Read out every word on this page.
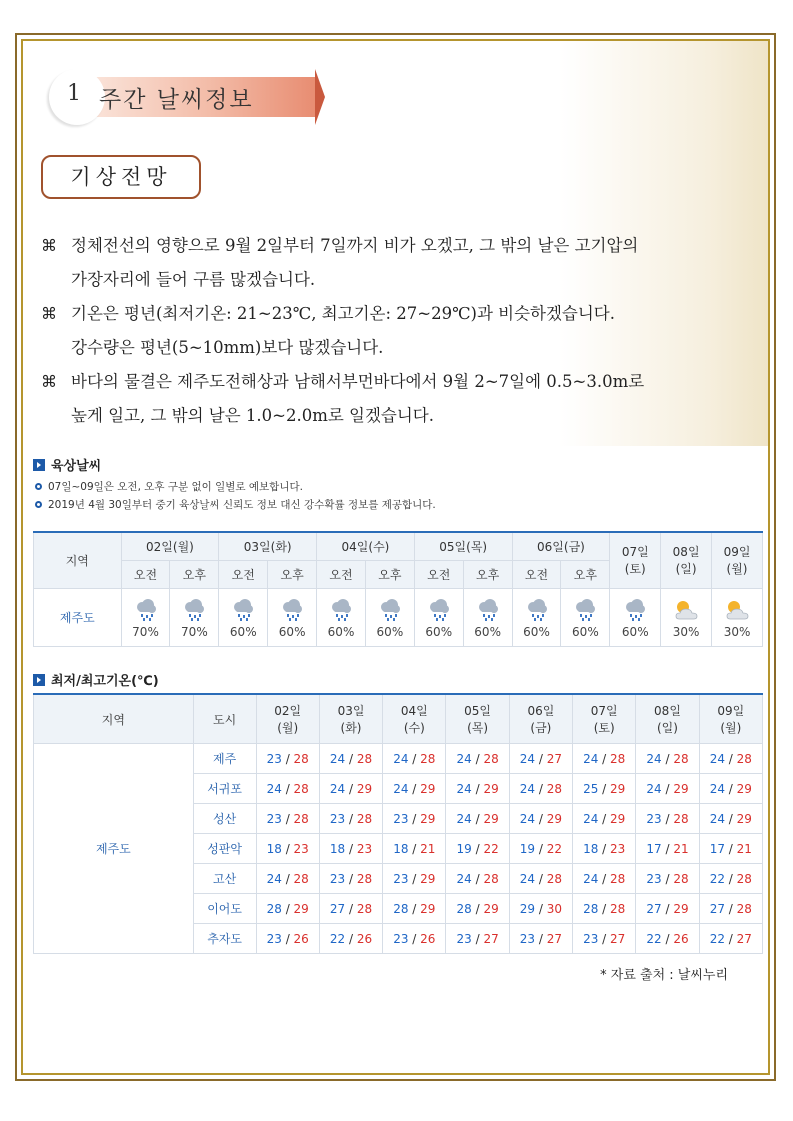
1 주간 날씨정보
기상전망
⌘ 정체전선의 영향으로 9월 2일부터 7일까지 비가 오겠고, 그 밖의 날은 고기압의
가장자리에 들어 구름 많겠습니다.
⌘ 기온은 평년(최저기온: 21~23℃, 최고기온: 27~29℃)과 비슷하겠습니다.
강수량은 평년(5~10mm)보다 많겠습니다.
⌘ 바다의 물결은 제주도전해상과 남해서부먼바다에서 9월 2~7일에 0.5~3.0m로
높게 일고, 그 밖의 날은 1.0~2.0m로 일겠습니다.
육상날씨
07일~09일은 오전, 오후 구분 없이 일별로 예보합니다.
2019년 4월 30일부터 중기 육상날씨 신뢰도 정보 대신 강수확률 정보를 제공합니다.
지역	02일(월)		03일(화)		04일(수)		05일(목)		06일(금)		07일
(토)	08일
(일)	09일
(월)
	오전	오후	오전	오후	오전	오후	오전	오후	오전	오후			
제주도	70%	70%	60%	60%	60%	60%	60%	60%	60%	60%	60%	30%	30%
최저/최고기온(℃)
지역	도시	02일
(월)	03일
(화)	04일
(수)	05일
(목)	06일
(금)	07일
(토)	08일
(일)	09일
(월)
제주도	제주	23 / 28	24 / 28	24 / 28	24 / 28	24 / 27	24 / 28	24 / 28	24 / 28
	서귀포	24 / 28	24 / 29	24 / 29	24 / 29	24 / 28	25 / 29	24 / 29	24 / 29
	성산	23 / 28	23 / 28	23 / 29	24 / 29	24 / 29	24 / 29	23 / 28	24 / 29
	성판악	18 / 23	18 / 23	18 / 21	19 / 22	19 / 22	18 / 23	17 / 21	17 / 21
	고산	24 / 28	23 / 28	23 / 29	24 / 28	24 / 28	24 / 28	23 / 28	22 / 28
	이어도	28 / 29	27 / 28	28 / 29	28 / 29	29 / 30	28 / 28	27 / 29	27 / 28
	추자도	23 / 26	22 / 26	23 / 26	23 / 27	23 / 27	23 / 27	22 / 26	22 / 27
* 자료 출처 : 날씨누리
